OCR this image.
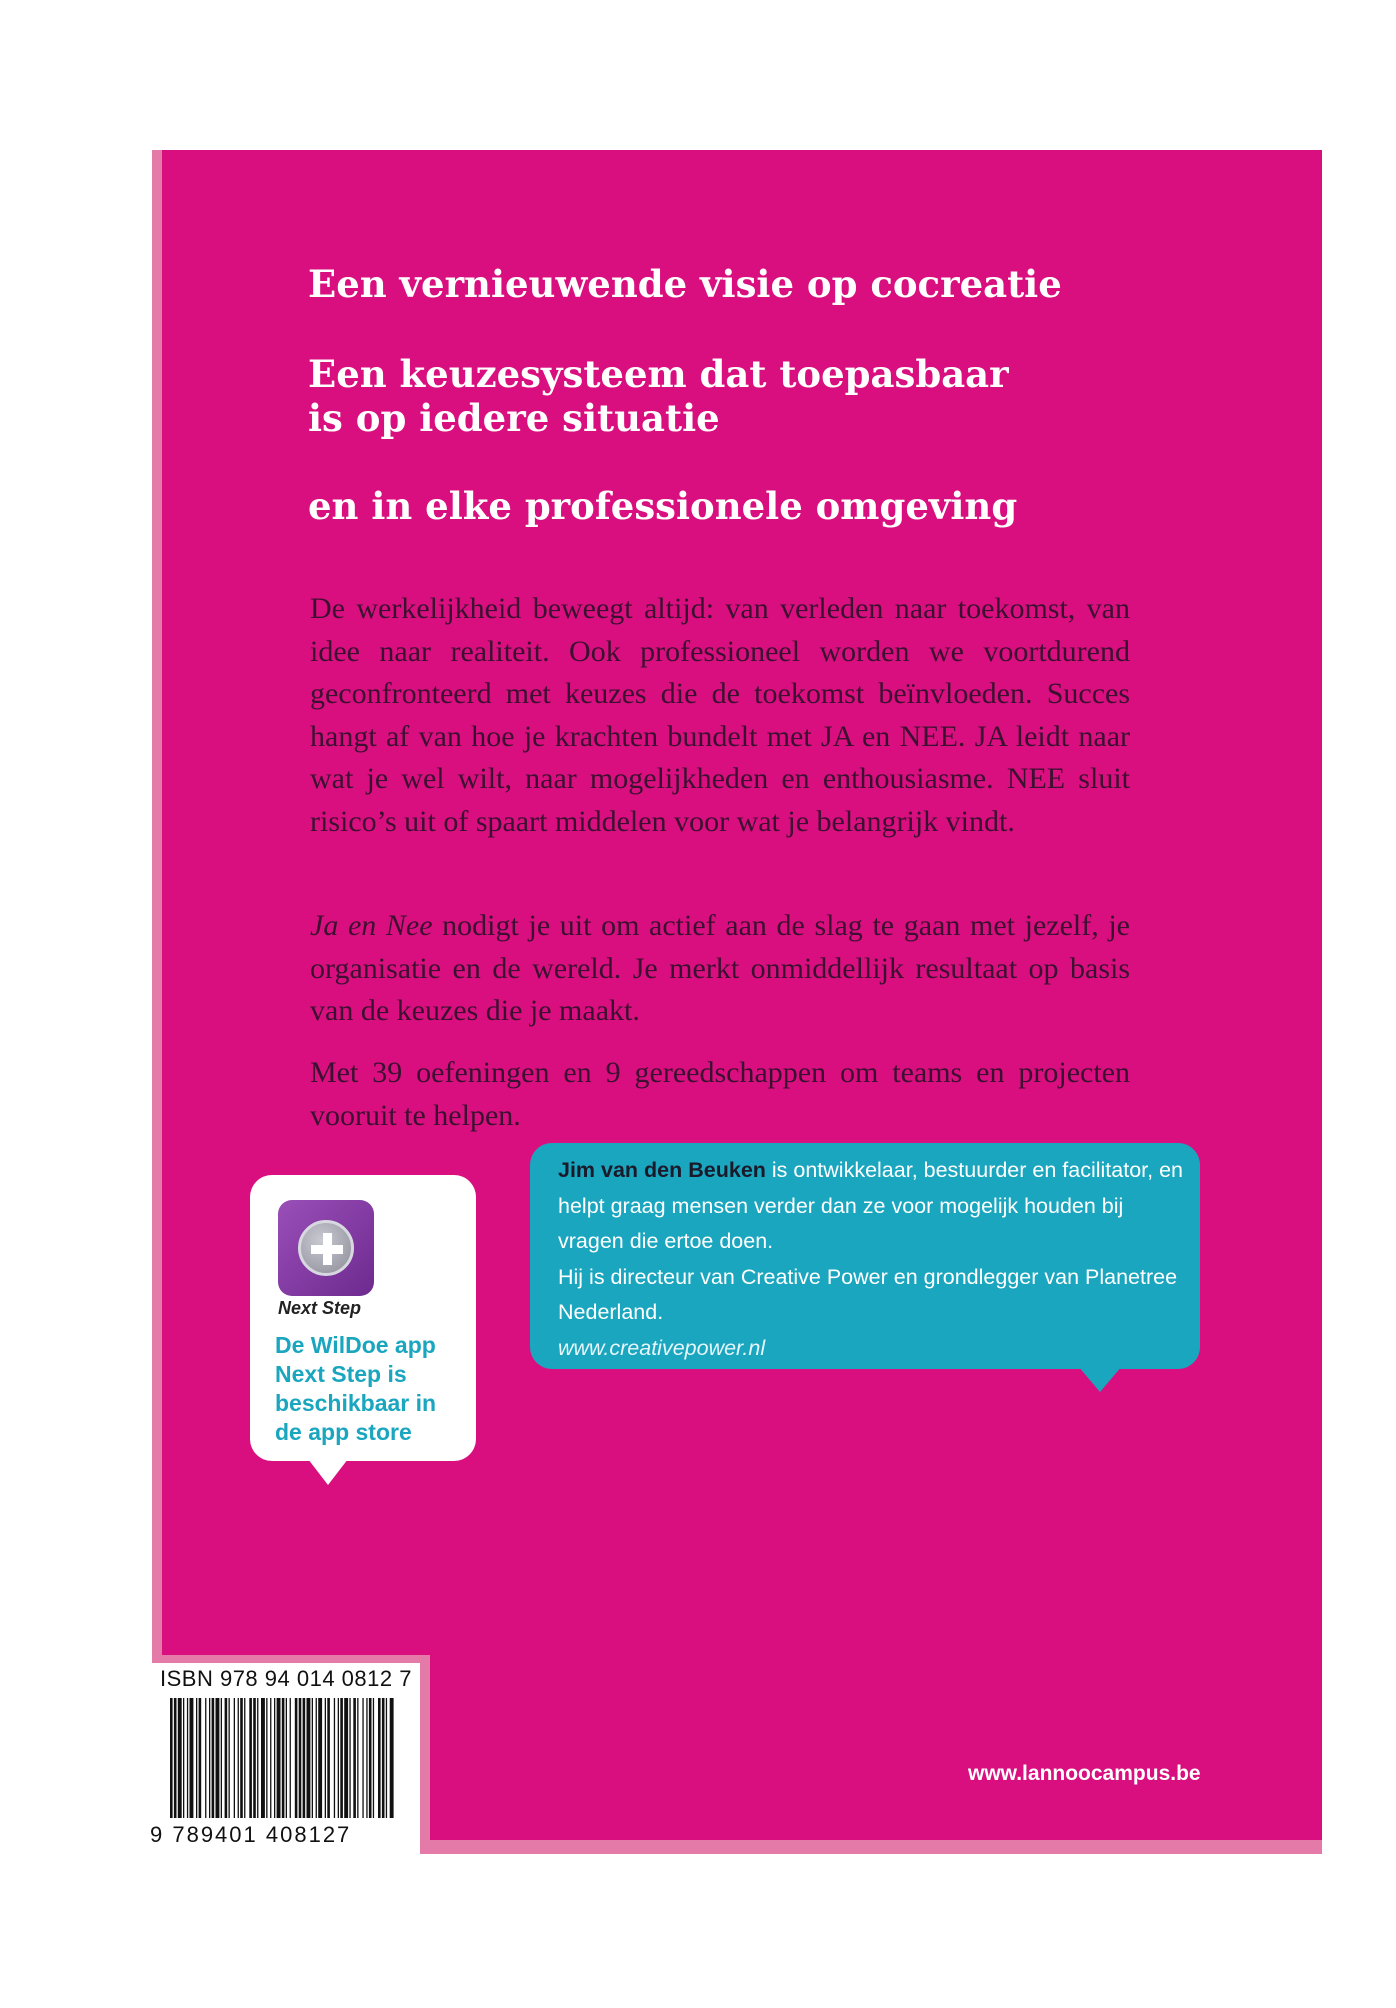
Een vernieuwende visie op cocreatie
Een keuzesysteem dat toepasbaar
is op iedere situatie
en in elke professionele omgeving

De werkelijkheid beweegt altijd: van verleden naar toekomst, van idee naar realiteit. Ook professioneel worden we voortdurend geconfronteerd met keuzes die de toekomst beïnvloeden. Succes hangt af van hoe je krachten bundelt met JA en NEE. JA leidt naar wat je wel wilt, naar mogelijkheden en enthousiasme. NEE sluit risico’s uit of spaart middelen voor wat je belangrijk vindt.

Ja en Nee nodigt je uit om actief aan de slag te gaan met jezelf, je organisatie en de wereld. Je merkt onmiddellijk resultaat op basis van de keuzes die je maakt.

Met 39 oefeningen en 9 gereedschappen om teams en projecten vooruit te helpen.

Next Step

De WilDoe app Next Step is beschikbaar in de app store

Jim van den Beuken is ontwikkelaar, bestuurder en facilitator, en helpt graag mensen verder dan ze voor mogelijk houden bij vragen die ertoe doen.
Hij is directeur van Creative Power en grondlegger van Planetree Nederland.
www.creativepower.nl

www.lannoocampus.be
ISBN 978 94 014 0812 7
9 789401 408127
